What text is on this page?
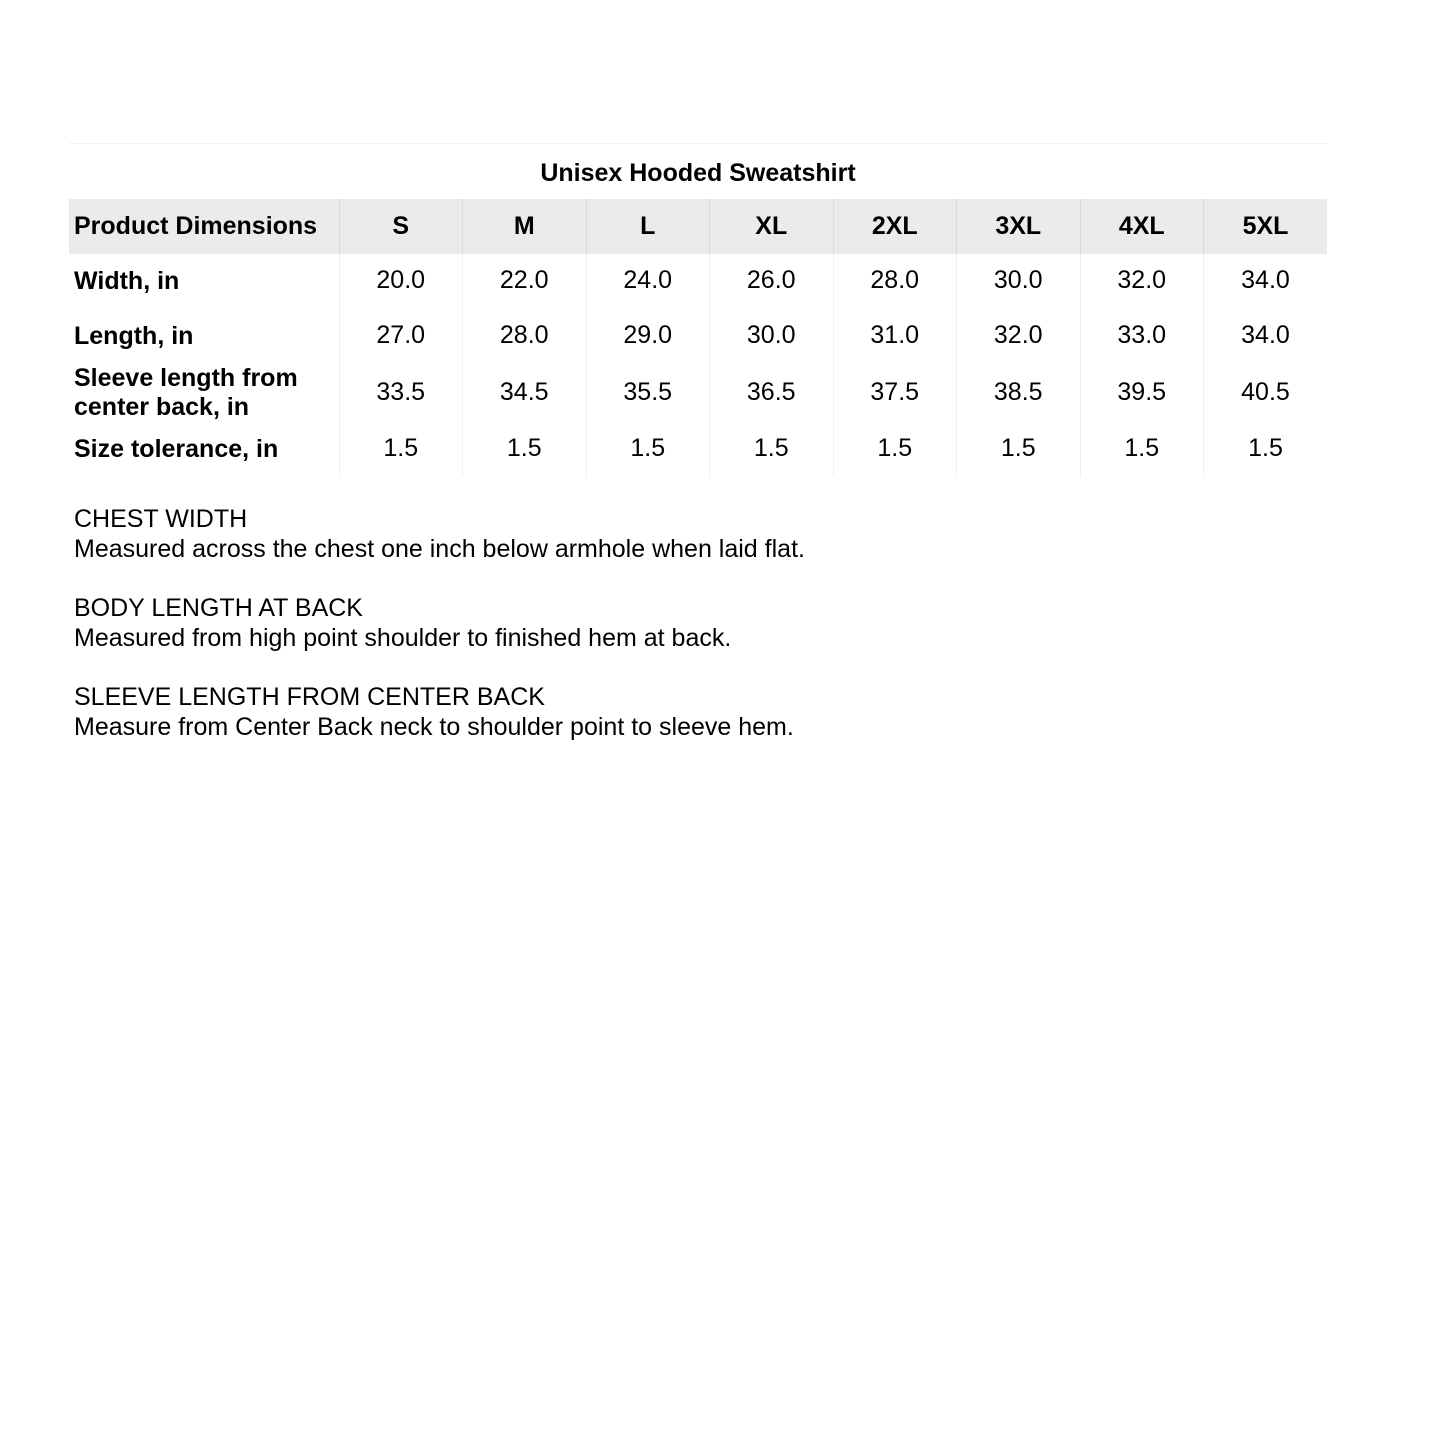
Unisex Hooded Sweatshirt
Product Dimensions	S	M	L	XL	2XL	3XL	4XL	5XL
Width, in	20.0	22.0	24.0	26.0	28.0	30.0	32.0	34.0
Length, in	27.0	28.0	29.0	30.0	31.0	32.0	33.0	34.0
Sleeve length from
center back, in	33.5	34.5	35.5	36.5	37.5	38.5	39.5	40.5
Size tolerance, in	1.5	1.5	1.5	1.5	1.5	1.5	1.5	1.5
CHEST WIDTH
Measured across the chest one inch below armhole when laid flat.
BODY LENGTH AT BACK
Measured from high point shoulder to finished hem at back.
SLEEVE LENGTH FROM CENTER BACK
Measure from Center Back neck to shoulder point to sleeve hem.
